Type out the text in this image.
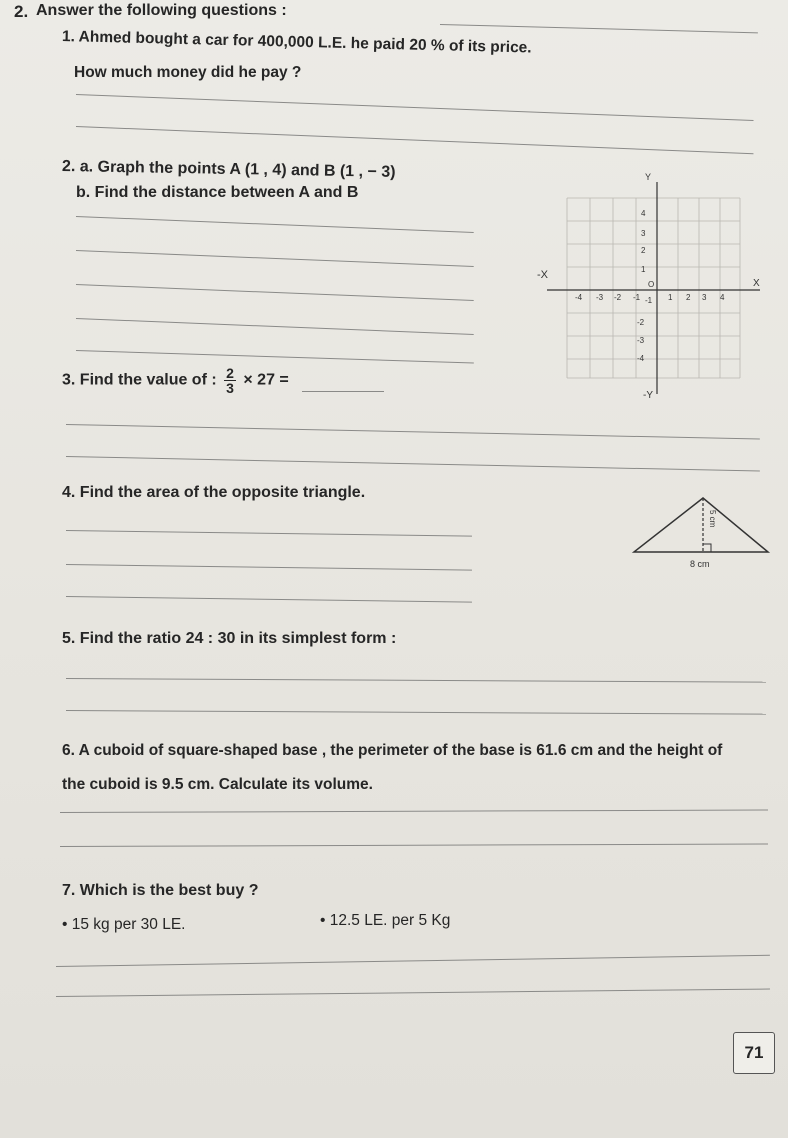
2. Answer the following questions :
1. Ahmed bought a car for 400,000 L.E. he paid 20 % of its price.
How much money did he pay ?
2. a. Graph the points A (1 , 4) and B (1 , − 3)
b. Find the distance between A and B
Y
-Y
X
-X
O
-4 -3 -2 -1	1 2 3 4
4
3
2
1
-1
-2
-3
-4
3. Find the value of : $\frac{2}{3} \times 27$ =
4. Find the area of the opposite triangle.
5 cm
8 cm
5. Find the ratio 24 : 30 in its simplest form :
6. A cuboid of square-shaped base , the perimeter of the base is 61.6 cm and the height of
the cuboid is 9.5 cm. Calculate its volume.
7. Which is the best buy ?
• 15 kg per 30 LE.	• 12.5 LE. per 5 Kg
71
